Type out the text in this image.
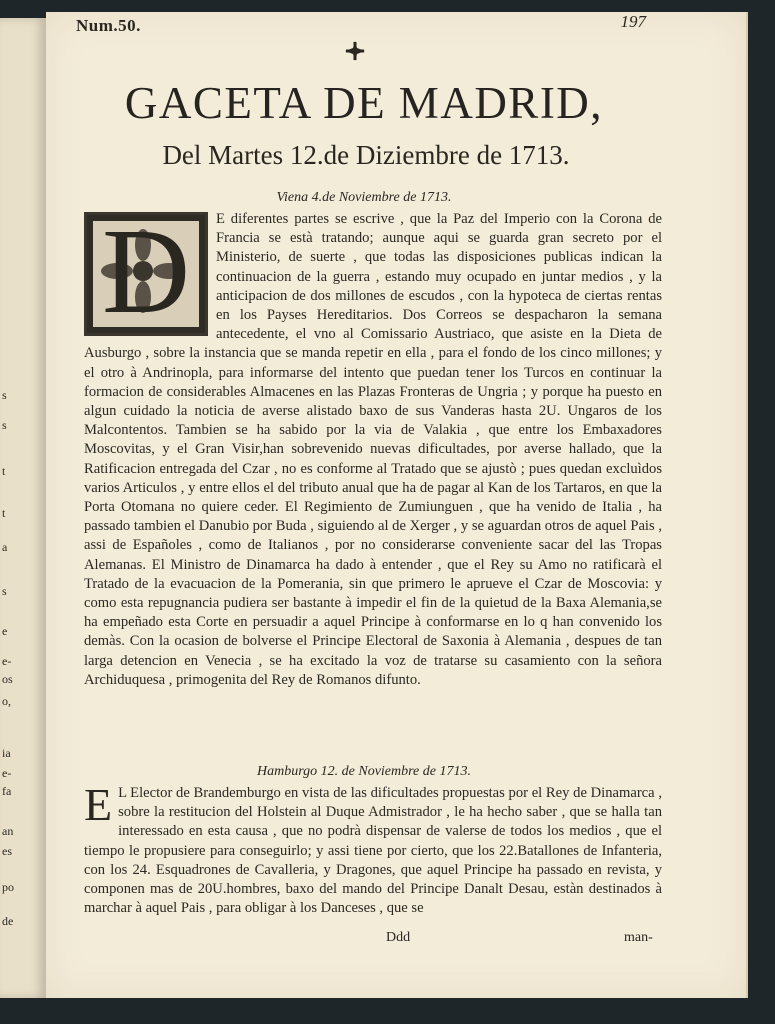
s
s
t
t
a
s
e
e-
os
o,
ia
e-
fa
an
es
po
de
Num.50.	197
GACETA DE MADRID,
Del Martes 12.de Diziembre de 1713.
Viena 4.de Noviembre de 1713.
D	E diferentes partes se escrive , que la Paz del Imperio con la Corona de Francia se està tratando; aunque aqui se guarda gran secreto por el Ministerio, de suerte , que todas las disposiciones publicas indican la continuacion de la guerra , estando muy ocupado en juntar medios , y la anticipacion de dos millones de escudos , con la hypoteca de ciertas rentas en los Payses Hereditarios. Dos Correos se despacharon la semana antecedente, el vno al Comissario Austriaco, que asiste en la Dieta de Ausburgo , sobre la instancia que se manda repetir en ella , para el fondo de los cinco millones; y el otro à Andrinopla, para informarse del intento que puedan tener los Turcos en continuar la formacion de considerables Almacenes en las Plazas Fronteras de Ungria ; y porque ha puesto en algun cuidado la noticia de averse alistado baxo de sus Vanderas hasta 2U. Ungaros de los Malcontentos. Tambien se ha sabido por la via de Valakia , que entre los Embaxadores Moscovitas, y el Gran Visir,han sobrevenido nuevas dificultades, por averse hallado, que la Ratificacion entregada del Czar , no es conforme al Tratado que se ajustò ; pues quedan excluìdos varios Articulos , y entre ellos el del tributo anual que ha de pagar al Kan de los Tartaros, en que la Porta Otomana no quiere ceder. El Regimiento de Zumiunguen , que ha venido de Italia , ha passado tambien el Danubio por Buda , siguiendo al de Xerger , y se aguardan otros de aquel Pais , assi de Españoles , como de Italianos , por no considerarse conveniente sacar del las Tropas Alemanas. El Ministro de Dinamarca ha dado à entender , que el Rey su Amo no ratificarà el Tratado de la evacuacion de la Pomerania, sin que primero le aprueve el Czar de Moscovia: y como esta repugnancia pudiera ser bastante à impedir el fin de la quietud de la Baxa Alemania,se ha empeñado esta Corte en persuadir a aquel Principe à conformarse en lo q han convenido los demàs. Con la ocasion de bolverse el Principe Electoral de Saxonia à Alemania , despues de tan larga detencion en Venecia , se ha excitado la voz de tratarse su casamiento con la señora Archiduquesa , primogenita del Rey de Romanos difunto.
Hamburgo 12. de Noviembre de 1713.
E L Elector de Brandemburgo en vista de las dificultades propuestas por el Rey de Dinamarca , sobre la restitucion del Holstein al Duque Admistrador , le ha hecho saber , que se halla tan interessado en esta causa , que no podrà dispensar de valerse de todos los medios , que el tiempo le propusiere para conseguirlo; y assi tiene por cierto, que los 22.Batallones de Infanteria, con los 24. Esquadrones de Cavalleria, y Dragones, que aquel Principe ha passado en revista, y componen mas de 20U.hombres, baxo del mando del Principe Danalt Desau, estàn destinados à marchar à aquel Pais , para obligar à los Danceses , que se
Ddd	man-
